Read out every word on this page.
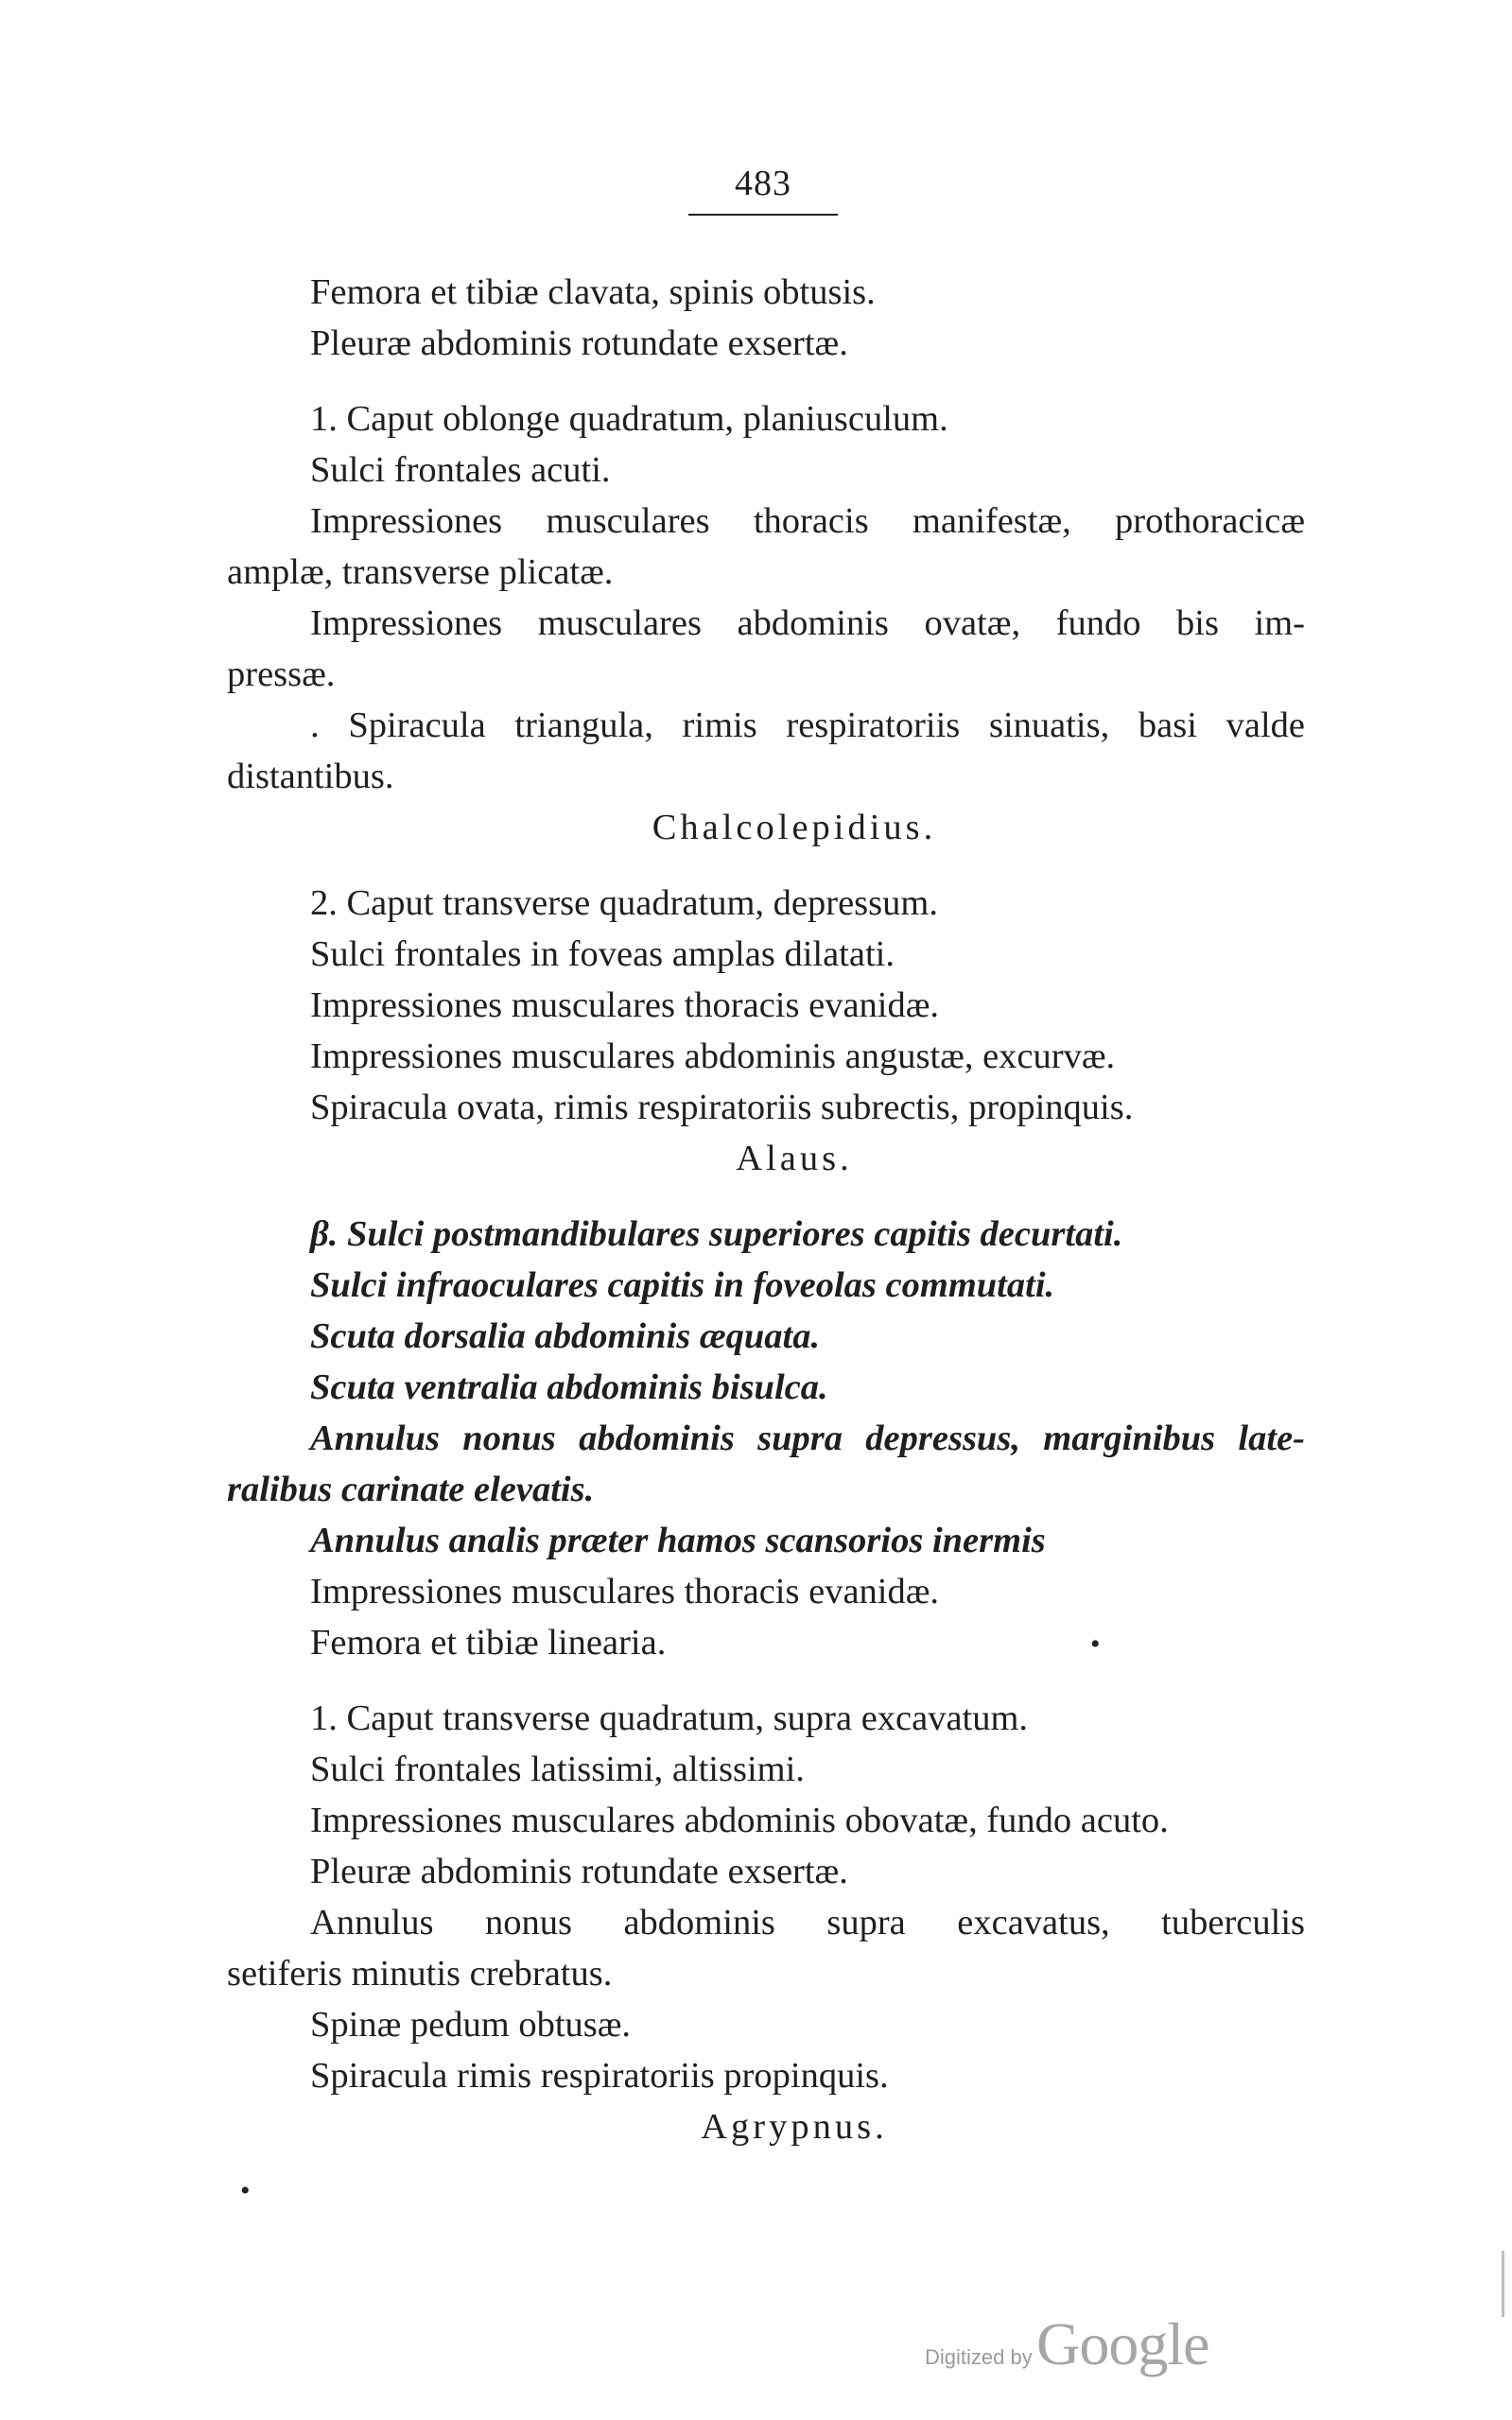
483
Femora et tibiæ clavata, spinis obtusis.
Pleuræ abdominis rotundate exsertæ.
1. Caput oblonge quadratum, planiusculum.
Sulci frontales acuti.
Impressiones musculares thoracis manifestæ, prothoracicæ
amplæ, transverse plicatæ.
Impressiones musculares abdominis ovatæ, fundo bis im-
pressæ.
. Spiracula triangula, rimis respiratoriis sinuatis, basi valde
distantibus.
Chalcolepidius.
2. Caput transverse quadratum, depressum.
Sulci frontales in foveas amplas dilatati.
Impressiones musculares thoracis evanidæ.
Impressiones musculares abdominis angustæ, excurvæ.
Spiracula ovata, rimis respiratoriis subrectis, propinquis.
Alaus.
β. Sulci postmandibulares superiores capitis decurtati.
Sulci infraoculares capitis in foveolas commutati.
Scuta dorsalia abdominis æquata.
Scuta ventralia abdominis bisulca.
Annulus nonus abdominis supra depressus, marginibus late-
ralibus carinate elevatis.
Annulus analis præter hamos scansorios inermis
Impressiones musculares thoracis evanidæ.
Femora et tibiæ linearia.
1. Caput transverse quadratum, supra excavatum.
Sulci frontales latissimi, altissimi.
Impressiones musculares abdominis obovatæ, fundo acuto.
Pleuræ abdominis rotundate exsertæ.
Annulus nonus abdominis supra excavatus, tuberculis
setiferis minutis crebratus.
Spinæ pedum obtusæ.
Spiracula rimis respiratoriis propinquis.
Agrypnus.
•
•
Digitized by Google
